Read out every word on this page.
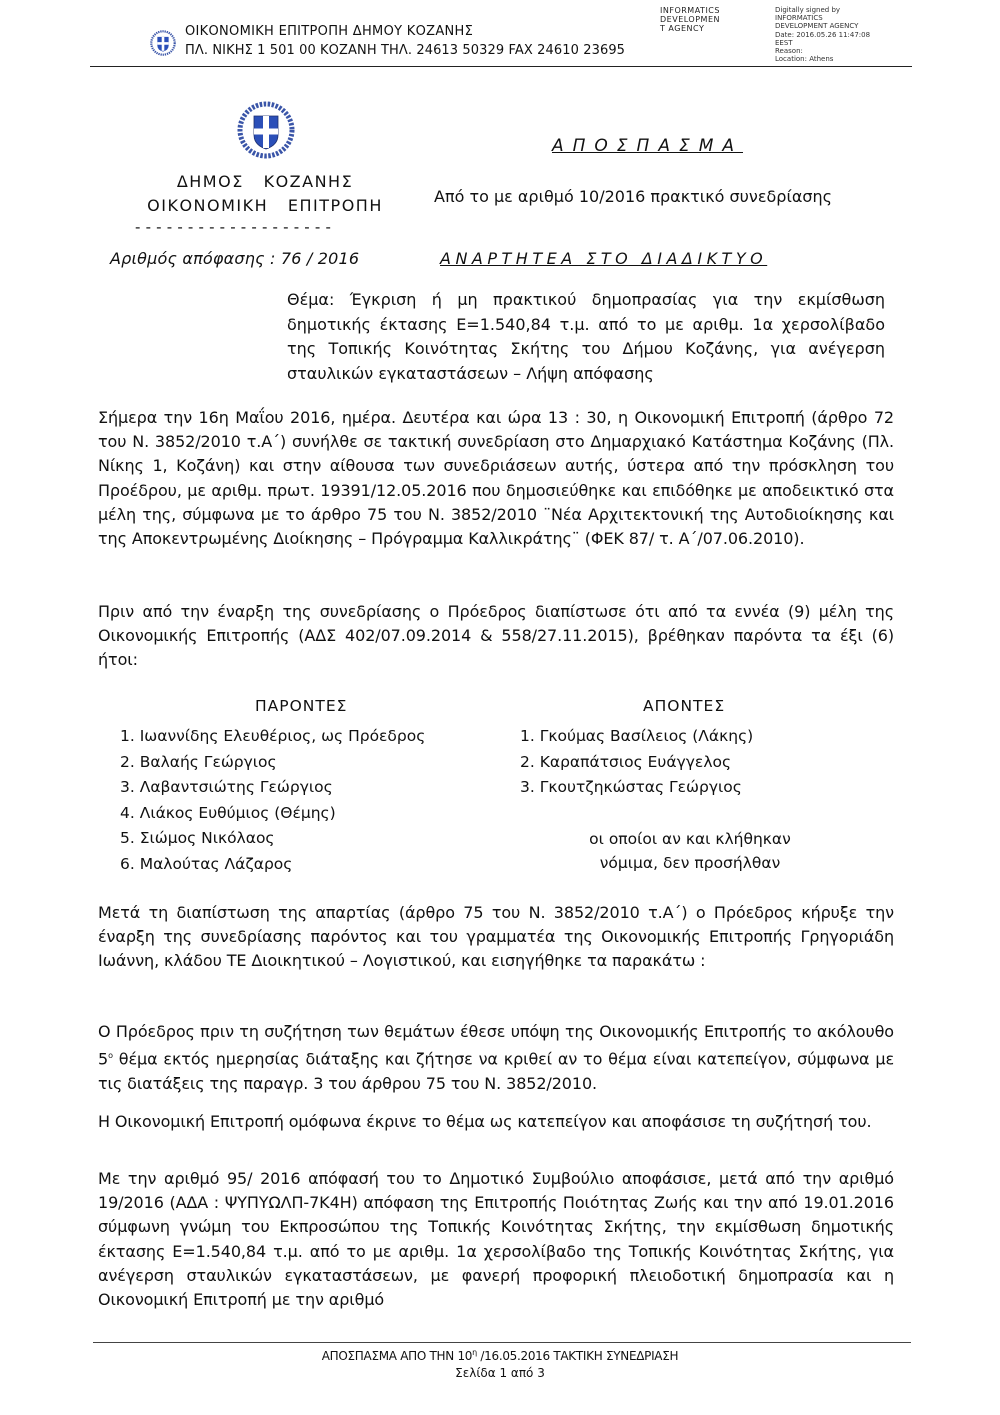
ΟΙΚΟΝΟΜΙΚΗ ΕΠΙΤΡΟΠΗ ΔΗΜΟΥ ΚΟΖΑΝΗΣ
ΠΛ. ΝΙΚΗΣ 1 501 00 ΚΟΖΑΝΗ ΤΗΛ. 24613 50329 FAX 24610 23695
INFORMATICS
DEVELOPMEN
T AGENCY
Digitally signed by
INFORMATICS
DEVELOPMENT AGENCY
Date: 2016.05.26 11:47:08
EEST
Reason:
Location: Athens
ΔΗΜΟΣ   ΚΟΖΑΝΗΣ
ΟΙΚΟΝΟΜΙΚΗ   ΕΠΙΤΡΟΠΗ
- - - - - - - - - - - - - - - - - - -
Αριθμός απόφασης : 76 / 2016
ΑΠΟΣΠΑΣΜΑ
Από το με αριθμό 10/2016 πρακτικό συνεδρίασης
ΑΝΑΡΤΗΤΕΑ ΣΤΟ ΔΙΑΔΙΚΤΥΟ
Θέμα: Έγκριση ή μη πρακτικού δημοπρασίας για την εκμίσθωση δημοτικής έκτασης Ε=1.540,84 τ.μ. από το με αριθμ. 1α χερσολίβαδο της Τοπικής Κοινότητας Σκήτης του Δήμου Κοζάνης, για ανέγερση σταυλικών εγκαταστάσεων – Λήψη απόφασης
Σήμερα την 16η Μαΐου 2016, ημέρα. Δευτέρα και ώρα 13 : 30, η Οικονομική Επιτροπή (άρθρο 72 του Ν. 3852/2010 τ.Α΄) συνήλθε σε τακτική συνεδρίαση στο Δημαρχιακό Κατάστημα Κοζάνης (Πλ. Νίκης 1, Κοζάνη) και στην αίθουσα των συνεδριάσεων αυτής, ύστερα από την πρόσκληση του Προέδρου, με αριθμ. πρωτ. 19391/12.05.2016 που δημοσιεύθηκε και επιδόθηκε με αποδεικτικό στα μέλη της, σύμφωνα με το άρθρο 75 του Ν. 3852/2010 ¨Νέα Αρχιτεκτονική της Αυτοδιοίκησης και της Αποκεντρωμένης Διοίκησης – Πρόγραμμα Καλλικράτης¨ (ΦΕΚ 87/ τ. Α΄/07.06.2010).
Πριν από την έναρξη της συνεδρίασης ο Πρόεδρος διαπίστωσε ότι από τα εννέα (9) μέλη της Οικονομικής Επιτροπής (ΑΔΣ 402/07.09.2014 & 558/27.11.2015), βρέθηκαν παρόντα τα έξι (6) ήτοι:
ΠΑΡΟΝΤΕΣ	ΑΠΟΝΤΕΣ
1. Ιωαννίδης Ελευθέριος, ως Πρόεδρος
2. Βαλαής Γεώργιος
3. Λαβαντσιώτης Γεώργιος
4. Λιάκος Ευθύμιος (Θέμης)
5. Σιώμος Νικόλαος
6. Μαλούτας Λάζαρος
1. Γκούμας Βασίλειος (Λάκης)
2. Καραπάτσιος Ευάγγελος
3. Γκουτζηκώστας Γεώργιος
οι οποίοι αν και κλήθηκαν
νόμιμα, δεν προσήλθαν
Μετά τη διαπίστωση της απαρτίας (άρθρο 75 του Ν. 3852/2010 τ.Α΄) ο Πρόεδρος κήρυξε την έναρξη της συνεδρίασης παρόντος και του γραμματέα της Οικονομικής Επιτροπής Γρηγοριάδη Ιωάννη, κλάδου ΤΕ Διοικητικού – Λογιστικού, και εισηγήθηκε τα παρακάτω :
Ο Πρόεδρος πριν τη συζήτηση των θεμάτων έθεσε υπόψη της Οικονομικής Επιτροπής το ακόλουθο $5^o$ θέμα εκτός ημερησίας διάταξης και ζήτησε να κριθεί αν το θέμα είναι κατεπείγον, σύμφωνα με τις διατάξεις της παραγρ. 3 του άρθρου 75 του Ν. 3852/2010.
Η Οικονομική Επιτροπή ομόφωνα έκρινε το θέμα ως κατεπείγον και αποφάσισε τη συζήτησή του.
Με την αριθμό 95/ 2016 απόφασή του το Δημοτικό Συμβούλιο αποφάσισε, μετά από την αριθμό 19/2016 (ΑΔΑ : ΨΥΠΥΩΛΠ-7Κ4Η) απόφαση της Επιτροπής Ποιότητας Ζωής και την από 19.01.2016 σύμφωνη γνώμη του Εκπροσώπου της Τοπικής Κοινότητας Σκήτης, την εκμίσθωση δημοτικής έκτασης Ε=1.540,84 τ.μ. από το με αριθμ. 1α χερσολίβαδο της Τοπικής Κοινότητας Σκήτης, για ανέγερση σταυλικών εγκαταστάσεων, με φανερή προφορική πλειοδοτική δημοπρασία και η Οικονομική Επιτροπή με την αριθμό
ΑΠΟΣΠΑΣΜΑ ΑΠΟ ΤΗΝ $10^\eta$ /16.05.2016 ΤΑΚΤΙΚΗ ΣΥΝΕΔΡΙΑΣΗ
Σελίδα 1 από 3
